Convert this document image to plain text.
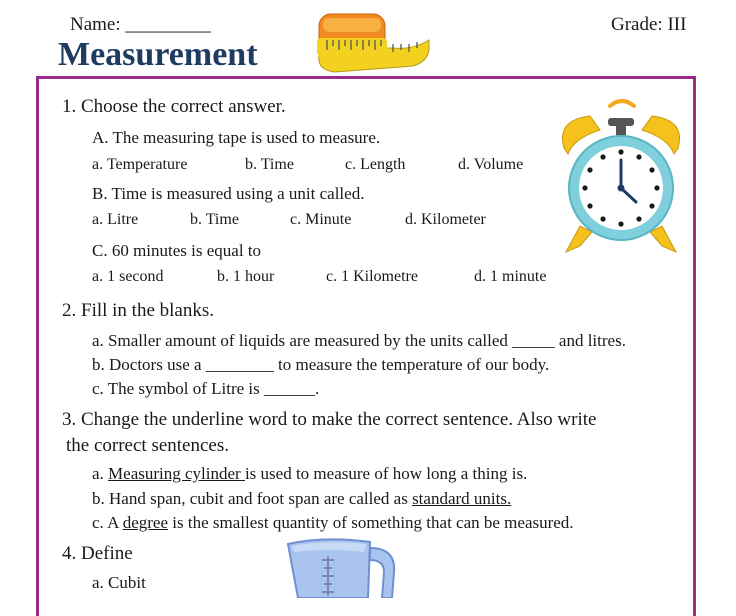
Name: _________	Grade: III
Measurement
1. Choose the correct answer.
A. The measuring tape is used to measure.
a. Temperature	b. Time	c. Length	d. Volume
B. Time is measured using a unit called.
a. Litre	b. Time	c. Minute	d. Kilometer
C. 60 minutes is equal to
a. 1 second	b. 1 hour	c. 1 Kilometre	d. 1 minute
2. Fill in the blanks.
a. Smaller amount of liquids are measured by the units called _____ and litres.
b. Doctors use a ________ to measure the temperature of our body.
c. The symbol of Litre is ______.
3. Change the underline word to make the correct sentence. Also write
the correct sentences.
a. Measuring cylinder is used to measure of how long a thing is.
b. Hand span, cubit and foot span are called as standard units.
c. A degree is the smallest quantity of something that can be measured.
4. Define
a. Cubit
